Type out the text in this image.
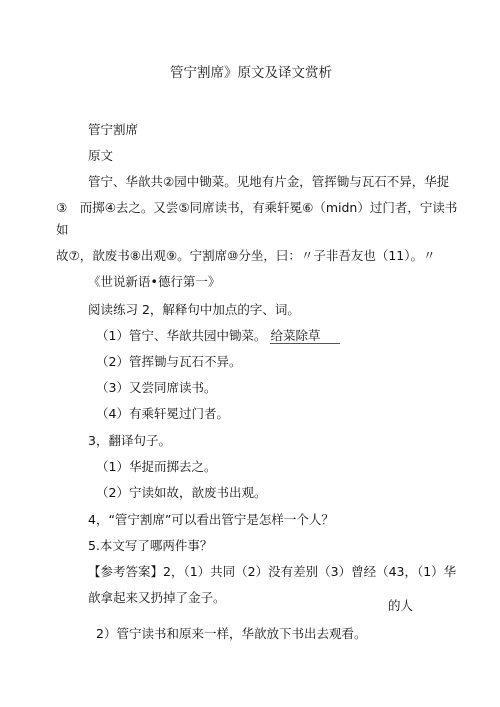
管宁割席》原文及译文赏析
管宁割席
原文
管宁、华歆共②园中锄菜。见地有片金，管挥锄与瓦石不异，华捉
③　而掷④去之。又尝⑤同席读书，有乘轩冕⑥（midn）过门者，宁读书
如
故⑦，歆废书⑧出观⑨。宁割席⑩分坐，曰：〃子非吾友也（11）。〃
《世说新语•德行第一》
阅读练习 2，解释句中加点的字、词。
（1）管宁、华歆共园中锄菜。 给菜除草
（2）管挥锄与瓦石不异。
（3）又尝同席读书。
（4）有乘轩冕过门者。
3，翻译句子。
（1）华捉而掷去之。
（2）宁读如故，歆废书出观。
4，“管宁割席”可以看出管宁是怎样一个人？
5.本文写了哪两件事？
【参考答案】2，（1）共同（2）没有差别（3）曾经（43，（1）华
歆拿起来又扔掉了金子。
的人
2）管宁读书和原来一样，华歆放下书出去观看。
